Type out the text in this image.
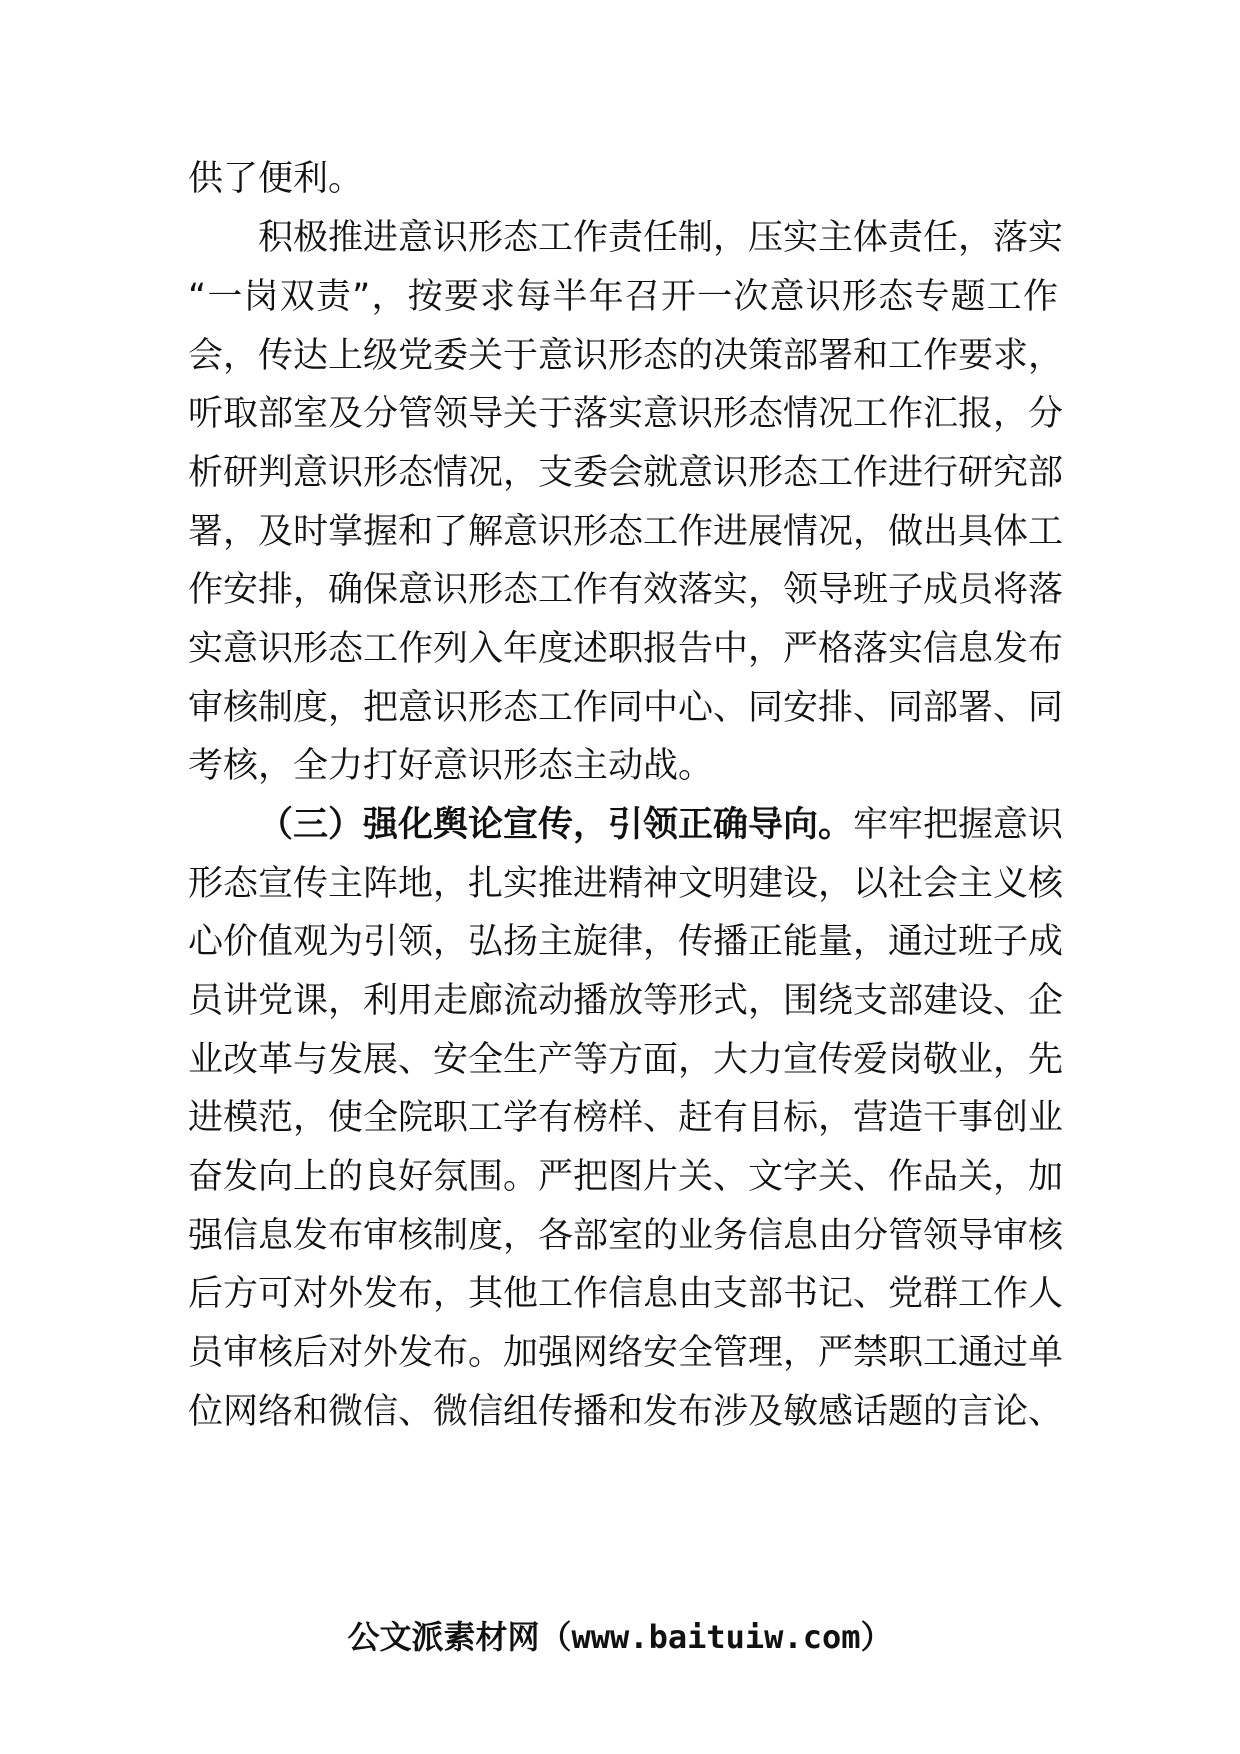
供了便利。
积极推进意识形态工作责任制，压实主体责任，落实
“一岗双责”，按要求每半年召开一次意识形态专题工作
会，传达上级党委关于意识形态的决策部署和工作要求，
听取部室及分管领导关于落实意识形态情况工作汇报，分
析研判意识形态情况，支委会就意识形态工作进行研究部
署，及时掌握和了解意识形态工作进展情况，做出具体工
作安排，确保意识形态工作有效落实，领导班子成员将落
实意识形态工作列入年度述职报告中，严格落实信息发布
审核制度，把意识形态工作同中心、同安排、同部署、同
考核，全力打好意识形态主动战。
（三）强化舆论宣传，引领正确导向。牢牢把握意识
形态宣传主阵地，扎实推进精神文明建设，以社会主义核
心价值观为引领，弘扬主旋律，传播正能量，通过班子成
员讲党课，利用走廊流动播放等形式，围绕支部建设、企
业改革与发展、安全生产等方面，大力宣传爱岗敬业，先
进模范，使全院职工学有榜样、赶有目标，营造干事创业
奋发向上的良好氛围。严把图片关、文字关、作品关，加
强信息发布审核制度，各部室的业务信息由分管领导审核
后方可对外发布，其他工作信息由支部书记、党群工作人
员审核后对外发布。加强网络安全管理，严禁职工通过单
位网络和微信、微信组传播和发布涉及敏感话题的言论、
公文派素材网（www.baituiw.com）
